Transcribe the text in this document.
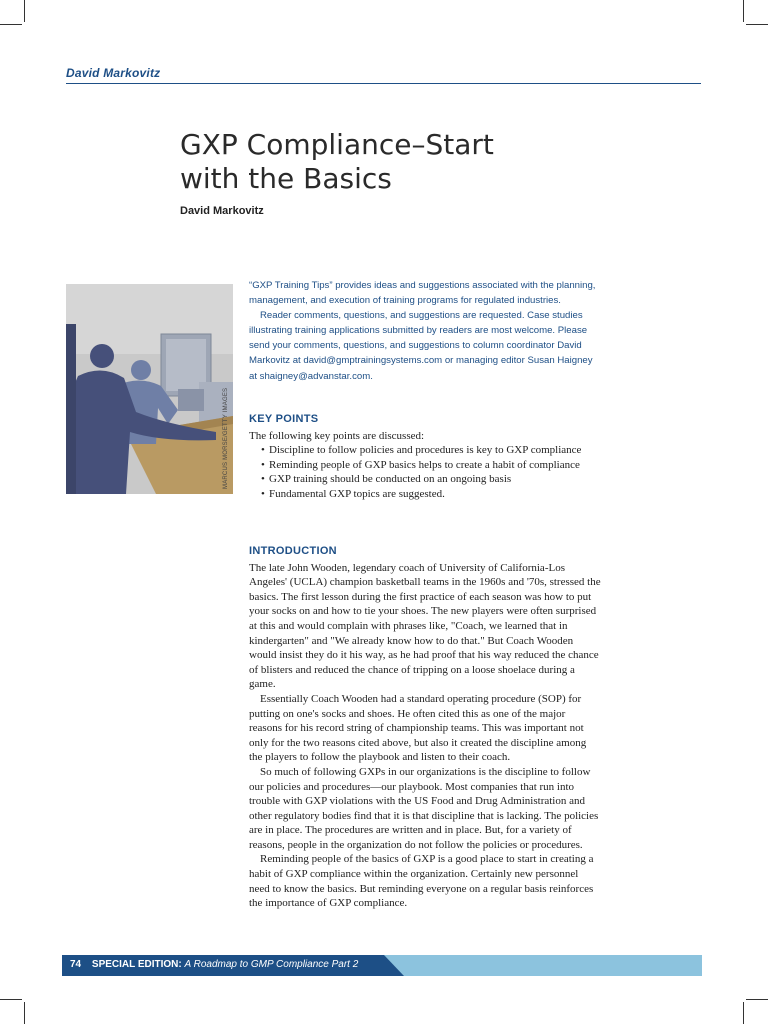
David Markovitz
GXP Compliance–Start
with the Basics
David Markovitz
MARCUS MORSE/GETTY IMAGES

“GXP Training Tips” provides ideas and suggestions associated with the planning, management, and execution of training programs for regulated industries.

Reader comments, questions, and suggestions are requested. Case studies illustrating training applications submitted by readers are most welcome. Please send your comments, questions, and suggestions to column coordinator David Markovitz at david@gmptrainingsystems.com or managing editor Susan Haigney at shaigney@advanstar.com.

KEY POINTS

The following key points are discussed:

• Discipline to follow policies and procedures is key to GXP compliance
• Reminding people of GXP basics helps to create a habit of compliance
• GXP training should be conducted on an ongoing basis
• Fundamental GXP topics are suggested.
INTRODUCTION

The late John Wooden, legendary coach of University of California-Los Angeles' (UCLA) champion basketball teams in the 1960s and '70s, stressed the basics. The first lesson during the first practice of each season was how to put your socks on and how to tie your shoes. The new players were often surprised at this and would complain with phrases like, "Coach, we learned that in kindergarten" and "We already know how to do that." But Coach Wooden would insist they do it his way, as he had proof that his way reduced the chance of blisters and reduced the chance of tripping on a loose shoelace during a game.

Essentially Coach Wooden had a standard operating procedure (SOP) for putting on one's socks and shoes. He often cited this as one of the major reasons for his record string of championship teams. This was important not only for the two reasons cited above, but also it created the discipline among the players to follow the playbook and listen to their coach.

So much of following GXPs in our organizations is the discipline to follow our policies and procedures—our playbook. Most companies that run into trouble with GXP violations with the US Food and Drug Administration and other regulatory bodies find that it is that discipline that is lacking. The policies are in place. The procedures are written and in place. But, for a variety of reasons, people in the organization do not follow the policies or procedures.

Reminding people of the basics of GXP is a good place to start in creating a habit of GXP compliance within the organization. Certainly new personnel need to know the basics. But reminding everyone on a regular basis reinforces the importance of GXP compliance.

74 SPECIAL EDITION: A Roadmap to GMP Compliance Part 2
